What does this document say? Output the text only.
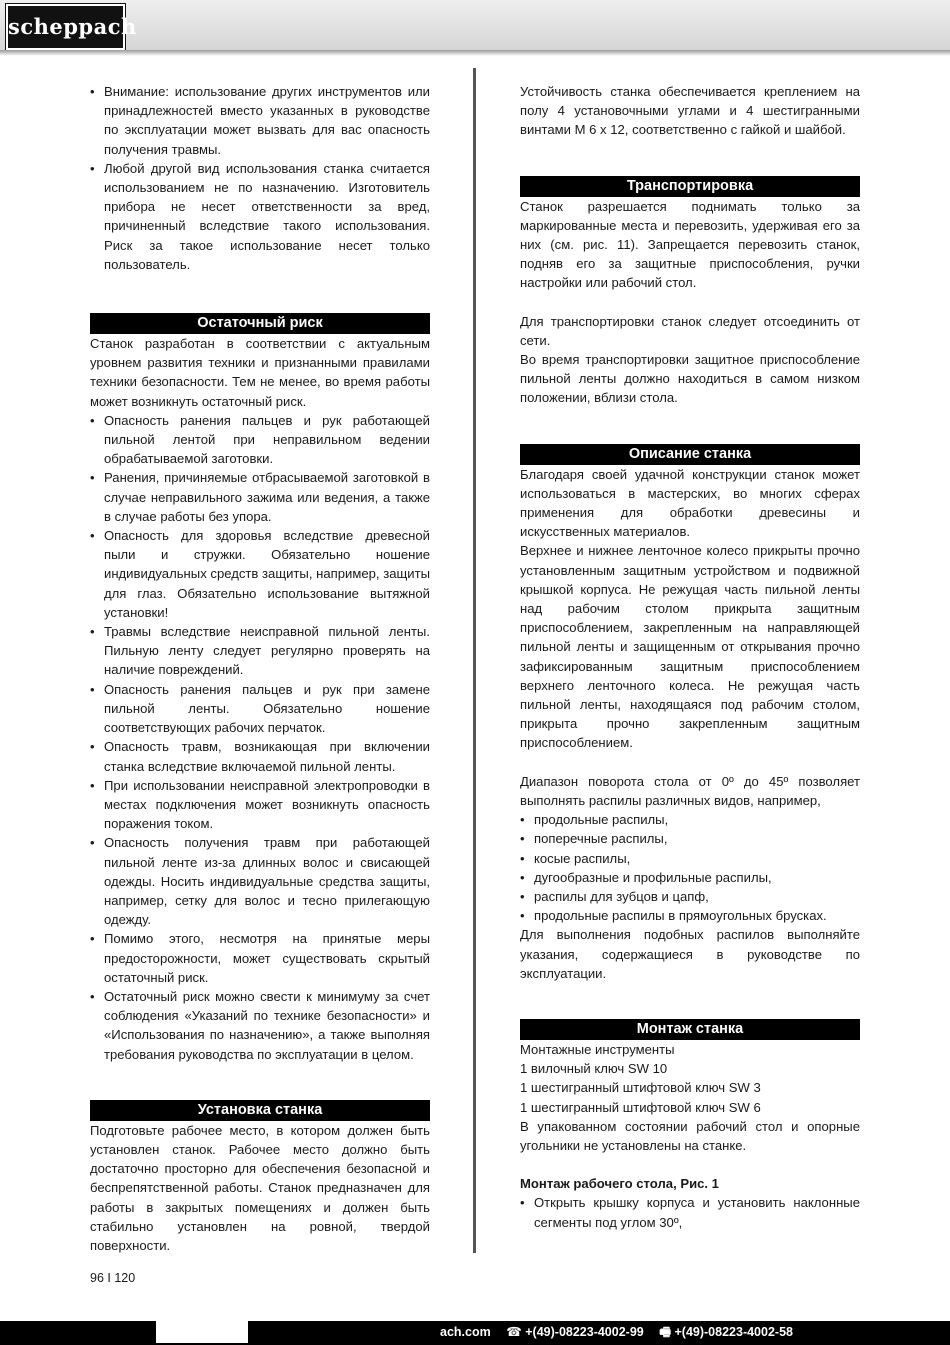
scheppach
• Внимание: использование других инструментов или принадлежностей вместо указанных в руководстве по эксплуатации может вызвать для вас опасность получения травмы.
• Любой другой вид использования станка считается использованием не по назначению. Изготовитель прибора не несет ответственности за вред, причиненный вследствие такого использования. Риск за такое использование несет только пользователь.
Остаточный риск

Станок разработан в соответствии с актуальным уровнем развития техники и признанными правилами техники безопасности. Тем не менее, во время работы может возникнуть остаточный риск.

• Опасность ранения пальцев и рук работающей пильной лентой при неправильном ведении обрабатываемой заготовки.
• Ранения, причиняемые отбрасываемой заготовкой в случае неправильного зажима или ведения, а также в случае работы без упора.
• Опасность для здоровья вследствие древесной пыли и стружки. Обязательно ношение индивидуальных средств защиты, например, защиты для глаз. Обязательно использование вытяжной установки!
• Травмы вследствие неисправной пильной ленты. Пильную ленту следует регулярно проверять на наличие повреждений.
• Опасность ранения пальцев и рук при замене пильной ленты. Обязательно ношение соответствующих рабочих перчаток.
• Опасность травм, возникающая при включении станка вследствие включаемой пильной ленты.
• При использовании неисправной электропроводки в местах подключения может возникнуть опасность поражения током.
• Опасность получения травм при работающей пильной ленте из-за длинных волос и свисающей одежды. Носить индивидуальные средства защиты, например, сетку для волос и тесно прилегающую одежду.
• Помимо этого, несмотря на принятые меры предосторожности, может существовать скрытый остаточный риск.
• Остаточный риск можно свести к минимуму за счет соблюдения «Указаний по технике безопасности» и «Использования по назначению», а также выполняя требования руководства по эксплуатации в целом.
Установка станка

Подготовьте рабочее место, в котором должен быть установлен станок. Рабочее место должно быть достаточно просторно для обеспечения безопасной и беспрепятственной работы. Станок предназначен для работы в закрытых помещениях и должен быть стабильно установлен на ровной, твердой поверхности.

Устойчивость станка обеспечивается креплением на полу 4 установочными углами и 4 шестигранными винтами М 6 x 12, соответственно с гайкой и шайбой.

Транспортировка

Станок разрешается поднимать только за маркированные места и перевозить, удерживая его за них (см. рис. 11). Запрещается перевозить станок, подняв его за защитные приспособления, ручки настройки или рабочий стол.

Для транспортировки станок следует отсоединить от сети.

Во время транспортировки защитное приспособление пильной ленты должно находиться в самом низком положении, вблизи стола.

Описание станка

Благодаря своей удачной конструкции станок может использоваться в мастерских, во многих сферах применения для обработки древесины и искусственных материалов.

Верхнее и нижнее ленточное колесо прикрыты прочно установленным защитным устройством и подвижной крышкой корпуса. Не режущая часть пильной ленты над рабочим столом прикрыта защитным приспособлением, закрепленным на направляющей пильной ленты и защищенным от открывания прочно зафиксированным защитным приспособлением верхнего ленточного колеса. Не режущая часть пильной ленты, находящаяся под рабочим столом, прикрыта прочно закрепленным защитным приспособлением.

Диапазон поворота стола от 0º до 45º позволяет выполнять распилы различных видов, например,

• продольные распилы,
• поперечные распилы,
• косые распилы,
• дугообразные и профильные распилы,
• распилы для зубцов и цапф,
• продольные распилы в прямоугольных брусках.

Для выполнения подобных распилов выполняйте указания, содержащиеся в руководстве по эксплуатации.

Монтаж станка

Монтажные инструменты

1 вилочный ключ SW 10

1 шестигранный штифтовой ключ SW 3

1 шестигранный штифтовой ключ SW 6

В упакованном состоянии рабочий стол и опорные угольники не установлены на станке.

Монтаж рабочего стола, Рис. 1

• Открыть крышку корпуса и установить наклонные сегменты под углом 30º,
96 I 120
ach.com ☎ +(49)-08223-4002-99 🖷 +(49)-08223-4002-58
